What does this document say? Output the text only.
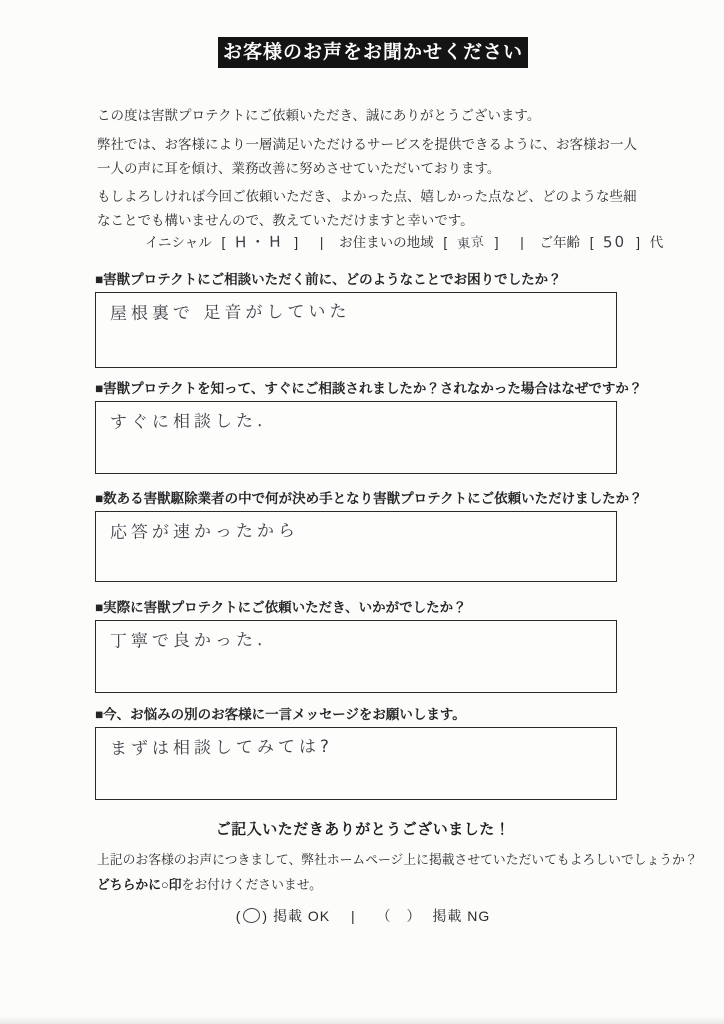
お客様のお声をお聞かせください

この度は害獣プロテクトにご依頼いただき、誠にありがとうございます。

弊社では、お客様により一層満足いただけるサービスを提供できるように、お客様お一人一人の声に耳を傾け、業務改善に努めさせていただいております。

もしよろしければ今回ご依頼いただき、よかった点、嬉しかった点など、どのような些細なことでも構いませんので、教えていただけますと幸いです。

イニシャル [ H・H ] | お住まいの地域 [ 東京 ] | ご年齢 [ 50 ] 代
■害獣プロテクトにご相談いただく前に、どのようなことでお困りでしたか？
屋根裏で 足音がしていた
■害獣プロテクトを知って、すぐにご相談されましたか？されなかった場合はなぜですか？
すぐに相談した.
■数ある害獣駆除業者の中で何が決め手となり害獣プロテクトにご依頼いただけましたか？
応答が速かったから
■実際に害獣プロテクトにご依頼いただき、いかがでしたか？
丁寧で良かった.
■今、お悩みの別のお客様に一言メッセージをお願いします。
まずは相談してみては?
ご記入いただきありがとうございました！
上記のお客様のお声につきまして、弊社ホームページ上に掲載させていただいてもよろしいでしょうか？
どちらかに○印をお付けくださいませ。
( ) 掲載 OK | （　） 掲載 NG
